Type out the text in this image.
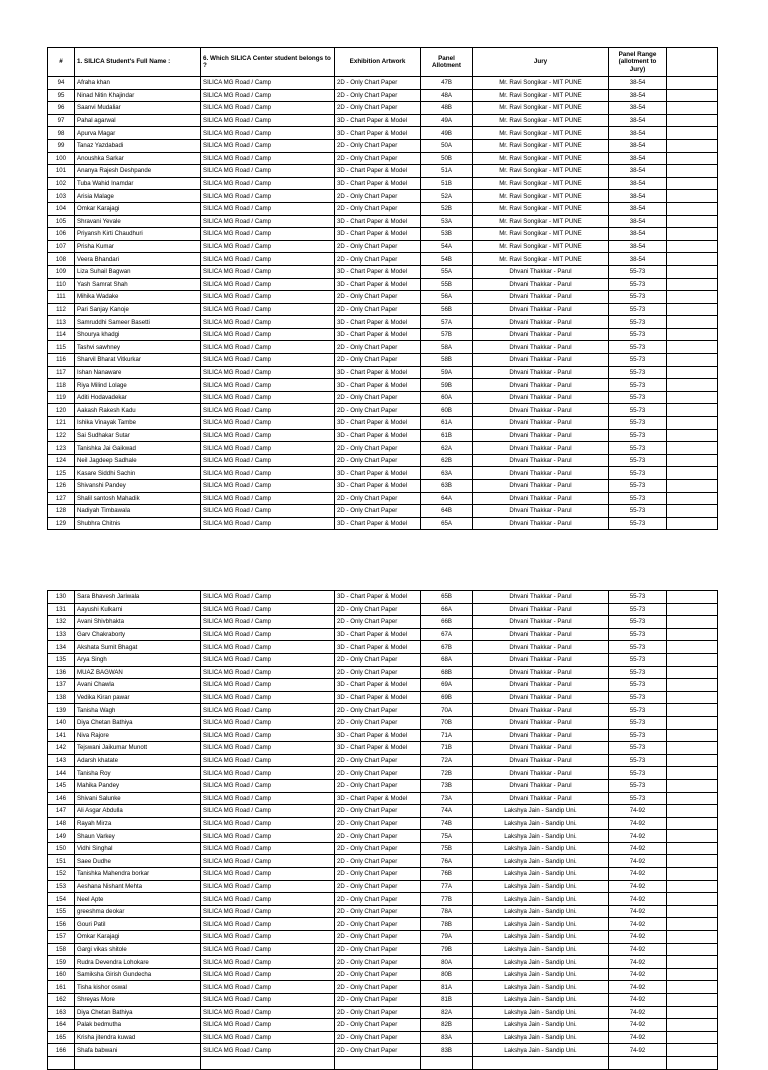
#	1. SILICA Student's Full Name :	6. Which SILICA Center student belongs to ?	Exhibition Artwork	Panel Allotment	Jury	Panel Range (allotment to Jury)	
94	Afraha khan	SILICA MG Road / Camp	2D - Only Chart Paper	47B	Mr. Ravi Songikar - MIT PUNE	38-54	
95	Ninad Nitin Khajindar	SILICA MG Road / Camp	2D - Only Chart Paper	48A	Mr. Ravi Songikar - MIT PUNE	38-54	
96	Saanvi Mudaliar	SILICA MG Road / Camp	2D - Only Chart Paper	48B	Mr. Ravi Songikar - MIT PUNE	38-54	
97	Pahal agarwal	SILICA MG Road / Camp	3D - Chart Paper & Model	49A	Mr. Ravi Songikar - MIT PUNE	38-54	
98	Apurva Magar	SILICA MG Road / Camp	3D - Chart Paper & Model	49B	Mr. Ravi Songikar - MIT PUNE	38-54	
99	Tanaz Yazdabadi	SILICA MG Road / Camp	2D - Only Chart Paper	50A	Mr. Ravi Songikar - MIT PUNE	38-54	
100	Anoushka Sarkar	SILICA MG Road / Camp	2D - Only Chart Paper	50B	Mr. Ravi Songikar - MIT PUNE	38-54	
101	Ananya Rajesh Deshpande	SILICA MG Road / Camp	3D - Chart Paper & Model	51A	Mr. Ravi Songikar - MIT PUNE	38-54	
102	Tuba Wahid Inamdar	SILICA MG Road / Camp	3D - Chart Paper & Model	51B	Mr. Ravi Songikar - MIT PUNE	38-54	
103	Arisia Malage	SILICA MG Road / Camp	2D - Only Chart Paper	52A	Mr. Ravi Songikar - MIT PUNE	38-54	
104	Omkar Karajagi	SILICA MG Road / Camp	2D - Only Chart Paper	52B	Mr. Ravi Songikar - MIT PUNE	38-54	
105	Shravani Yevale	SILICA MG Road / Camp	3D - Chart Paper & Model	53A	Mr. Ravi Songikar - MIT PUNE	38-54	
106	Priyansh Kirti Chaudhuri	SILICA MG Road / Camp	3D - Chart Paper & Model	53B	Mr. Ravi Songikar - MIT PUNE	38-54	
107	Prisha Kumar	SILICA MG Road / Camp	2D - Only Chart Paper	54A	Mr. Ravi Songikar - MIT PUNE	38-54	
108	Veera Bhandari	SILICA MG Road / Camp	2D - Only Chart Paper	54B	Mr. Ravi Songikar - MIT PUNE	38-54	
109	Liza Suhail Bagwan	SILICA MG Road / Camp	3D - Chart Paper & Model	55A	Dhvani Thakkar - Parul	55-73	
110	Yash Samrat Shah	SILICA MG Road / Camp	3D - Chart Paper & Model	55B	Dhvani Thakkar - Parul	55-73	
111	Mihika Wadake	SILICA MG Road / Camp	2D - Only Chart Paper	56A	Dhvani Thakkar - Parul	55-73	
112	Pari Sanjay Kanoje	SILICA MG Road / Camp	2D - Only Chart Paper	56B	Dhvani Thakkar - Parul	55-73	
113	Samruddhi Sameer Basetti	SILICA MG Road / Camp	3D - Chart Paper & Model	57A	Dhvani Thakkar - Parul	55-73	
114	Shourya khadgi	SILICA MG Road / Camp	3D - Chart Paper & Model	57B	Dhvani Thakkar - Parul	55-73	
115	Tashvi sawhney	SILICA MG Road / Camp	2D - Only Chart Paper	58A	Dhvani Thakkar - Parul	55-73	
116	Sharvil Bharat Vitkurkar	SILICA MG Road / Camp	2D - Only Chart Paper	58B	Dhvani Thakkar - Parul	55-73	
117	Ishan Nanaware	SILICA MG Road / Camp	3D - Chart Paper & Model	59A	Dhvani Thakkar - Parul	55-73	
118	Riya Milind Lolage	SILICA MG Road / Camp	3D - Chart Paper & Model	59B	Dhvani Thakkar - Parul	55-73	
119	Aditi Hodavadekar	SILICA MG Road / Camp	2D - Only Chart Paper	60A	Dhvani Thakkar - Parul	55-73	
120	Aakash Rakesh Kadu	SILICA MG Road / Camp	2D - Only Chart Paper	60B	Dhvani Thakkar - Parul	55-73	
121	Ishika Vinayak Tambe	SILICA MG Road / Camp	3D - Chart Paper & Model	61A	Dhvani Thakkar - Parul	55-73	
122	Sai Sudhakar Sutar	SILICA MG Road / Camp	3D - Chart Paper & Model	61B	Dhvani Thakkar - Parul	55-73	
123	Tanishka Jai Gaikwad	SILICA MG Road / Camp	2D - Only Chart Paper	62A	Dhvani Thakkar - Parul	55-73	
124	Neil Jagdeep Sadhale	SILICA MG Road / Camp	2D - Only Chart Paper	62B	Dhvani Thakkar - Parul	55-73	
125	Kasare Siddhi Sachin	SILICA MG Road / Camp	3D - Chart Paper & Model	63A	Dhvani Thakkar - Parul	55-73	
126	Shivanshi Pandey	SILICA MG Road / Camp	3D - Chart Paper & Model	63B	Dhvani Thakkar - Parul	55-73	
127	Shalil santosh Mahadik	SILICA MG Road / Camp	2D - Only Chart Paper	64A	Dhvani Thakkar - Parul	55-73	
128	Nadiyah Timbawala	SILICA MG Road / Camp	2D - Only Chart Paper	64B	Dhvani Thakkar - Parul	55-73	
129	Shubhra Chitnis	SILICA MG Road / Camp	3D - Chart Paper & Model	65A	Dhvani Thakkar - Parul	55-73	
130	Sara Bhavesh Jariwala	SILICA MG Road / Camp	3D - Chart Paper & Model	65B	Dhvani Thakkar - Parul	55-73	
131	Aayushi Kulkarni	SILICA MG Road / Camp	2D - Only Chart Paper	66A	Dhvani Thakkar - Parul	55-73	
132	Avani Shivbhakta	SILICA MG Road / Camp	2D - Only Chart Paper	66B	Dhvani Thakkar - Parul	55-73	
133	Garv Chakraborty	SILICA MG Road / Camp	3D - Chart Paper & Model	67A	Dhvani Thakkar - Parul	55-73	
134	Akshata Sumit Bhagat	SILICA MG Road / Camp	3D - Chart Paper & Model	67B	Dhvani Thakkar - Parul	55-73	
135	Arya Singh	SILICA MG Road / Camp	2D - Only Chart Paper	68A	Dhvani Thakkar - Parul	55-73	
136	MUAZ BAGWAN	SILICA MG Road / Camp	2D - Only Chart Paper	68B	Dhvani Thakkar - Parul	55-73	
137	Avani Chawla	SILICA MG Road / Camp	3D - Chart Paper & Model	69A	Dhvani Thakkar - Parul	55-73	
138	Vedika Kiran pawar	SILICA MG Road / Camp	3D - Chart Paper & Model	69B	Dhvani Thakkar - Parul	55-73	
139	Tanisha Wagh	SILICA MG Road / Camp	2D - Only Chart Paper	70A	Dhvani Thakkar - Parul	55-73	
140	Diya Chetan Bathiya	SILICA MG Road / Camp	2D - Only Chart Paper	70B	Dhvani Thakkar - Parul	55-73	
141	Niva Rajore	SILICA MG Road / Camp	3D - Chart Paper & Model	71A	Dhvani Thakkar - Parul	55-73	
142	Tejswani Jaikumar Munott	SILICA MG Road / Camp	3D - Chart Paper & Model	71B	Dhvani Thakkar - Parul	55-73	
143	Adarsh khatate	SILICA MG Road / Camp	2D - Only Chart Paper	72A	Dhvani Thakkar - Parul	55-73	
144	Tanisha Roy	SILICA MG Road / Camp	2D - Only Chart Paper	72B	Dhvani Thakkar - Parul	55-73	
145	Mahika Pandey	SILICA MG Road / Camp	2D - Only Chart Paper	73B	Dhvani Thakkar - Parul	55-73	
146	Shivani Salunke	SILICA MG Road / Camp	3D - Chart Paper & Model	73A	Dhvani Thakkar - Parul	55-73	
147	Ali Asgar Abdulla	SILICA MG Road / Camp	2D - Only Chart Paper	74A	Lakshya Jain - Sandip Uni.	74-92	
148	Rayah Mirza	SILICA MG Road / Camp	2D - Only Chart Paper	74B	Lakshya Jain - Sandip Uni.	74-92	
149	Shaun Varkey	SILICA MG Road / Camp	2D - Only Chart Paper	75A	Lakshya Jain - Sandip Uni.	74-92	
150	Vidhi Singhal	SILICA MG Road / Camp	2D - Only Chart Paper	75B	Lakshya Jain - Sandip Uni.	74-92	
151	Saee Dudhe	SILICA MG Road / Camp	2D - Only Chart Paper	76A	Lakshya Jain - Sandip Uni.	74-92	
152	Tanishka Mahendra borkar	SILICA MG Road / Camp	2D - Only Chart Paper	76B	Lakshya Jain - Sandip Uni.	74-92	
153	Aeshana Nishant Mehta	SILICA MG Road / Camp	2D - Only Chart Paper	77A	Lakshya Jain - Sandip Uni.	74-92	
154	Neel Apte	SILICA MG Road / Camp	2D - Only Chart Paper	77B	Lakshya Jain - Sandip Uni.	74-92	
155	greeshma deokar	SILICA MG Road / Camp	2D - Only Chart Paper	78A	Lakshya Jain - Sandip Uni.	74-92	
156	Gouri Patil	SILICA MG Road / Camp	2D - Only Chart Paper	78B	Lakshya Jain - Sandip Uni.	74-92	
157	Omkar Karajagi	SILICA MG Road / Camp	2D - Only Chart Paper	79A	Lakshya Jain - Sandip Uni.	74-92	
158	Gargi vikas shitole	SILICA MG Road / Camp	2D - Only Chart Paper	79B	Lakshya Jain - Sandip Uni.	74-92	
159	Rudra Devendra Lohokare	SILICA MG Road / Camp	2D - Only Chart Paper	80A	Lakshya Jain - Sandip Uni.	74-92	
160	Samiksha Girish Gundecha	SILICA MG Road / Camp	2D - Only Chart Paper	80B	Lakshya Jain - Sandip Uni.	74-92	
161	Tisha kishor oswal	SILICA MG Road / Camp	2D - Only Chart Paper	81A	Lakshya Jain - Sandip Uni.	74-92	
162	Shreyas More	SILICA MG Road / Camp	2D - Only Chart Paper	81B	Lakshya Jain - Sandip Uni.	74-92	
163	Diya Chetan Bathiya	SILICA MG Road / Camp	2D - Only Chart Paper	82A	Lakshya Jain - Sandip Uni.	74-92	
164	Palak bedmutha	SILICA MG Road / Camp	2D - Only Chart Paper	82B	Lakshya Jain - Sandip Uni.	74-92	
165	Krisha jitendra kuwad	SILICA MG Road / Camp	2D - Only Chart Paper	83A	Lakshya Jain - Sandip Uni.	74-92	
166	Shafa babwani	SILICA MG Road / Camp	2D - Only Chart Paper	83B	Lakshya Jain - Sandip Uni.	74-92	
